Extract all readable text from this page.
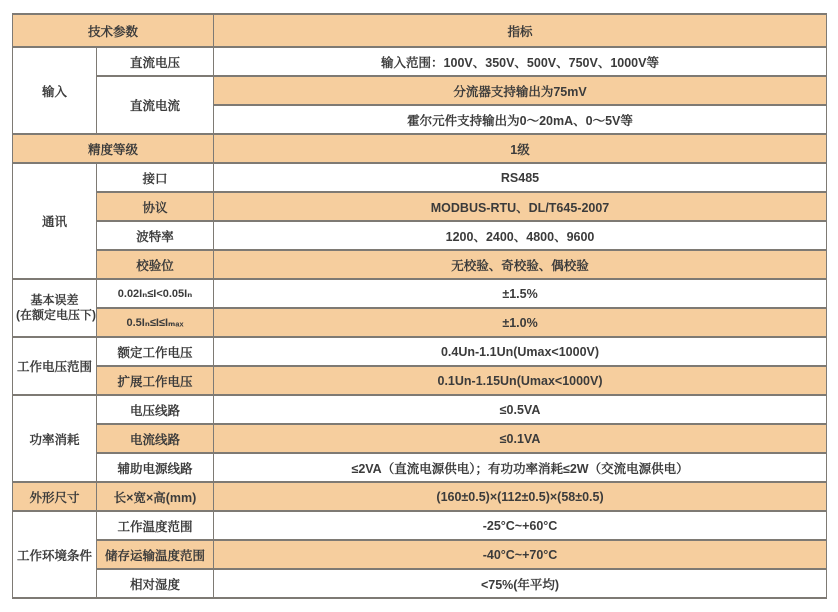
技术参数		指标
输入	直流电压	输入范围：100V、350V、500V、750V、1000V等
	直流电流	分流器支持输出为75mV
		霍尔元件支持输出为0～20mA、0～5V等
精度等级		1级
通讯	接口	RS485
	协议	MODBUS-RTU、DL/T645-2007
	波特率	1200、2400、4800、9600
	校验位	无校验、奇校验、偶校验

基本误差
(在额定电压下)	0.02Iₙ≤I<0.05Iₙ	±1.5%
	0.5Iₙ≤I≤Iₘₐₓ	±1.0%
工作电压范围	额定工作电压	0.4Un-1.1Un(Umax<1000V)
	扩展工作电压	0.1Un-1.15Un(Umax<1000V)
功率消耗	电压线路	≤0.5VA
	电流线路	≤0.1VA
	辅助电源线路	≤2VA（直流电源供电）；有功功率消耗≤2W（交流电源供电）
外形尺寸	长×宽×高(mm)	(160±0.5)×(112±0.5)×(58±0.5)
工作环境条件	工作温度范围	-25°C~+60°C
	储存运输温度范围	-40°C~+70°C
	相对湿度	<75%(年平均)
